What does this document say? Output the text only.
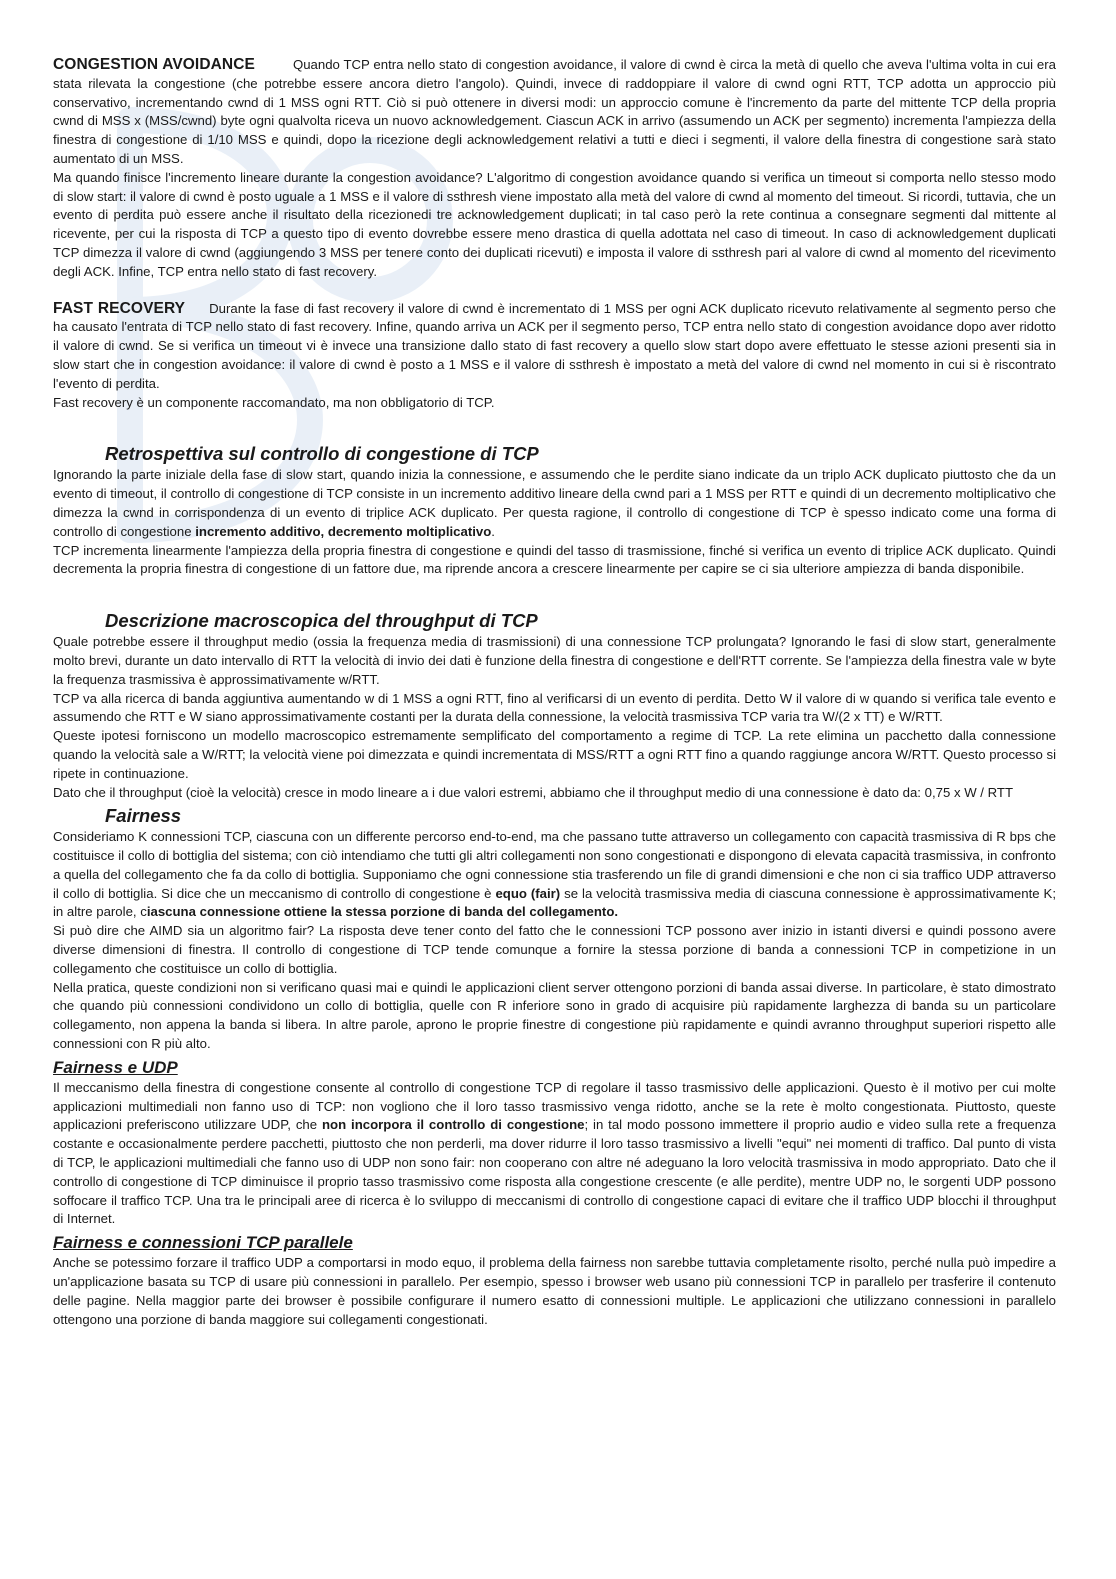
CONGESTION AVOIDANCE	Quando TCP entra nello stato di congestion avoidance, il valore di cwnd è circa la metà di quello che aveva l'ultima volta in cui era stata rilevata la congestione (che potrebbe essere ancora dietro l'angolo). Quindi, invece di raddoppiare il valore di cwnd ogni RTT, TCP adotta un approccio più conservativo, incrementando cwnd di 1 MSS ogni RTT. Ciò si può ottenere in diversi modi: un approccio comune è l'incremento da parte del mittente TCP della propria cwnd di MSS x (MSS/cwnd) byte ogni qualvolta riceva un nuovo acknowledgement. Ciascun ACK in arrivo (assumendo un ACK per segmento) incrementa l'ampiezza della finestra di congestione di 1/10 MSS e quindi, dopo la ricezione degli acknowledgement relativi a tutti e dieci i segmenti, il valore della finestra di congestione sarà stato aumentato di un MSS.

Ma quando finisce l'incremento lineare durante la congestion avoidance? L'algoritmo di congestion avoidance quando si verifica un timeout si comporta nello stesso modo di slow start: il valore di cwnd è posto uguale a 1 MSS e il valore di ssthresh viene impostato alla metà del valore di cwnd al momento del timeout. Si ricordi, tuttavia, che un evento di perdita può essere anche il risultato della ricezionedi tre acknowledgement duplicati; in tal caso però la rete continua a consegnare segmenti dal mittente al ricevente, per cui la risposta di TCP a questo tipo di evento dovrebbe essere meno drastica di quella adottata nel caso di timeout. In caso di acknowledgement duplicati TCP dimezza il valore di cwnd (aggiungendo 3 MSS per tenere conto dei duplicati ricevuti) e imposta il valore di ssthresh pari al valore di cwnd al momento del ricevimento degli ACK. Infine, TCP entra nello stato di fast recovery.

FAST RECOVERY Durante la fase di fast recovery il valore di cwnd è incrementato di 1 MSS per ogni ACK duplicato ricevuto relativamente al segmento perso che ha causato l'entrata di TCP nello stato di fast recovery. Infine, quando arriva un ACK per il segmento perso, TCP entra nello stato di congestion avoidance dopo aver ridotto il valore di cwnd. Se si verifica un timeout vi è invece una transizione dallo stato di fast recovery a quello slow start dopo avere effettuato le stesse azioni presenti sia in slow start che in congestion avoidance: il valore di cwnd è posto a 1 MSS e il valore di ssthresh è impostato a metà del valore di cwnd nel momento in cui si è riscontrato l'evento di perdita.

Fast recovery è un componente raccomandato, ma non obbligatorio di TCP.

Retrospettiva sul controllo di congestione di TCP

Ignorando la parte iniziale della fase di slow start, quando inizia la connessione, e assumendo che le perdite siano indicate da un triplo ACK duplicato piuttosto che da un evento di timeout, il controllo di congestione di TCP consiste in un incremento additivo lineare della cwnd pari a 1 MSS per RTT e quindi di un decremento moltiplicativo che dimezza la cwnd in corrispondenza di un evento di triplice ACK duplicato. Per questa ragione, il controllo di congestione di TCP è spesso indicato come una forma di controllo di congestione incremento additivo, decremento moltiplicativo.

TCP incrementa linearmente l'ampiezza della propria finestra di congestione e quindi del tasso di trasmissione, finché si verifica un evento di triplice ACK duplicato. Quindi decrementa la propria finestra di congestione di un fattore due, ma riprende ancora a crescere linearmente per capire se ci sia ulteriore ampiezza di banda disponibile.

Descrizione macroscopica del throughput di TCP

Quale potrebbe essere il throughput medio (ossia la frequenza media di trasmissioni) di una connessione TCP prolungata? Ignorando le fasi di slow start, generalmente molto brevi, durante un dato intervallo di RTT la velocità di invio dei dati è funzione della finestra di congestione e dell'RTT corrente. Se l'ampiezza della finestra vale w byte la frequenza trasmissiva è approssimativamente w/RTT.

TCP va alla ricerca di banda aggiuntiva aumentando w di 1 MSS a ogni RTT, fino al verificarsi di un evento di perdita. Detto W il valore di w quando si verifica tale evento e assumendo che RTT e W siano approssimativamente costanti per la durata della connessione, la velocità trasmissiva TCP varia tra W/(2 x TT) e W/RTT.

Queste ipotesi forniscono un modello macroscopico estremamente semplificato del comportamento a regime di TCP. La rete elimina un pacchetto dalla connessione quando la velocità sale a W/RTT; la velocità viene poi dimezzata e quindi incrementata di MSS/RTT a ogni RTT fino a quando raggiunge ancora W/RTT. Questo processo si ripete in continuazione.

Dato che il throughput (cioè la velocità) cresce in modo lineare a i due valori estremi, abbiamo che il throughput medio di una connessione è dato da: 0,75 x W / RTT

Fairness

Consideriamo K connessioni TCP, ciascuna con un differente percorso end-to-end, ma che passano tutte attraverso un collegamento con capacità trasmissiva di R bps che costituisce il collo di bottiglia del sistema; con ciò intendiamo che tutti gli altri collegamenti non sono congestionati e dispongono di elevata capacità trasmissiva, in confronto a quella del collegamento che fa da collo di bottiglia. Supponiamo che ogni connessione stia trasferendo un file di grandi dimensioni e che non ci sia traffico UDP attraverso il collo di bottiglia. Si dice che un meccanismo di controllo di congestione è equo (fair) se la velocità trasmissiva media di ciascuna connessione è approssimativamente K; in altre parole, ciascuna connessione ottiene la stessa porzione di banda del collegamento.

Si può dire che AIMD sia un algoritmo fair? La risposta deve tener conto del fatto che le connessioni TCP possono aver inizio in istanti diversi e quindi possono avere diverse dimensioni di finestra. Il controllo di congestione di TCP tende comunque a fornire la stessa porzione di banda a connessioni TCP in competizione in un collegamento che costituisce un collo di bottiglia.

Nella pratica, queste condizioni non si verificano quasi mai e quindi le applicazioni client server ottengono porzioni di banda assai diverse. In particolare, è stato dimostrato che quando più connessioni condividono un collo di bottiglia, quelle con R inferiore sono in grado di acquisire più rapidamente larghezza di banda su un particolare collegamento, non appena la banda si libera. In altre parole, aprono le proprie finestre di congestione più rapidamente e quindi avranno throughput superiori rispetto alle connessioni con R più alto.

Fairness e UDP

Il meccanismo della finestra di congestione consente al controllo di congestione TCP di regolare il tasso trasmissivo delle applicazioni. Questo è il motivo per cui molte applicazioni multimediali non fanno uso di TCP: non vogliono che il loro tasso trasmissivo venga ridotto, anche se la rete è molto congestionata. Piuttosto, queste applicazioni preferiscono utilizzare UDP, che non incorpora il controllo di congestione; in tal modo possono immettere il proprio audio e video sulla rete a frequenza costante e occasionalmente perdere pacchetti, piuttosto che non perderli, ma dover ridurre il loro tasso trasmissivo a livelli "equi" nei momenti di traffico. Dal punto di vista di TCP, le applicazioni multimediali che fanno uso di UDP non sono fair: non cooperano con altre né adeguano la loro velocità trasmissiva in modo appropriato. Dato che il controllo di congestione di TCP diminuisce il proprio tasso trasmissivo come risposta alla congestione crescente (e alle perdite), mentre UDP no, le sorgenti UDP possono soffocare il traffico TCP. Una tra le principali aree di ricerca è lo sviluppo di meccanismi di controllo di congestione capaci di evitare che il traffico UDP blocchi il throughput di Internet.

Fairness e connessioni TCP parallele

Anche se potessimo forzare il traffico UDP a comportarsi in modo equo, il problema della fairness non sarebbe tuttavia completamente risolto, perché nulla può impedire a un'applicazione basata su TCP di usare più connessioni in parallelo. Per esempio, spesso i browser web usano più connessioni TCP in parallelo per trasferire il contenuto delle pagine. Nella maggior parte dei browser è possibile configurare il numero esatto di connessioni multiple. Le applicazioni che utilizzano connessioni in parallelo ottengono una porzione di banda maggiore sui collegamenti congestionati.
